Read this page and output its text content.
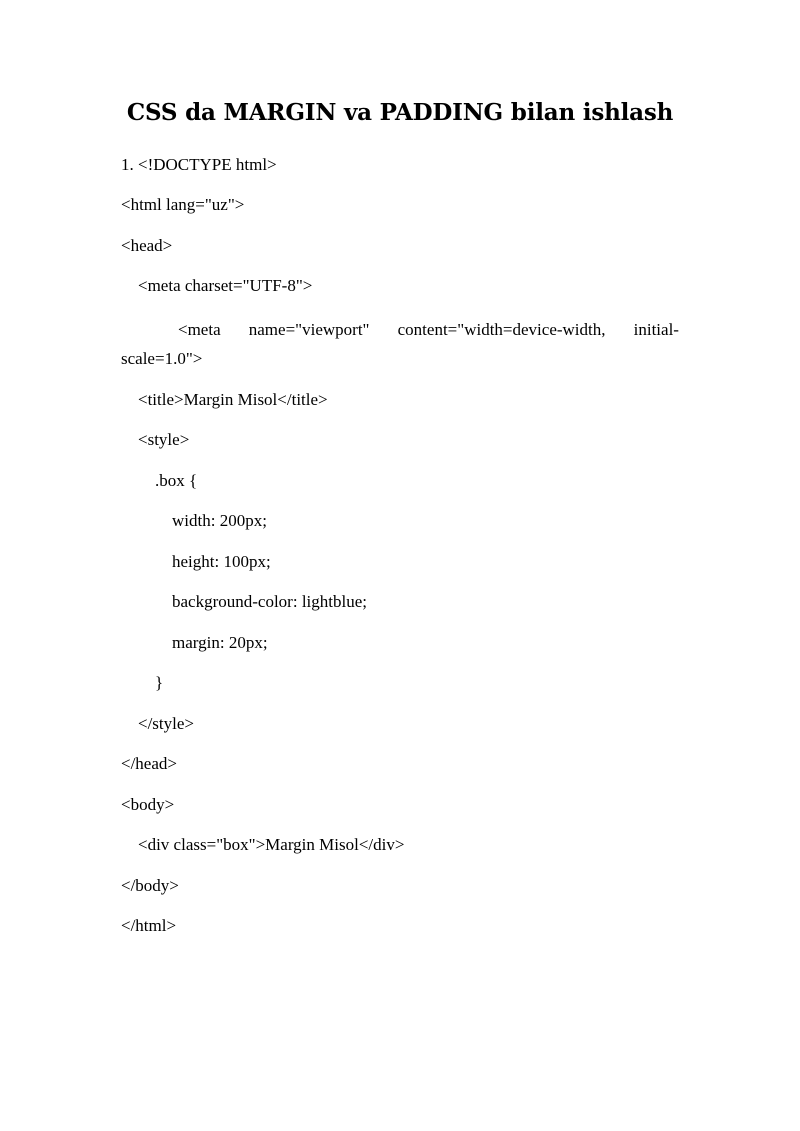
CSS da MARGIN va PADDING bilan ishlash
1. <!DOCTYPE html>
<html lang="uz">
<head>
<meta charset="UTF-8">
<meta name="viewport" content="width=device-width, initial-
scale=1.0">
<title>Margin Misol</title>
<style>
.box {
width: 200px;
height: 100px;
background-color: lightblue;
margin: 20px;
}
</style>
</head>
<body>
<div class="box">Margin Misol</div>
</body>
</html>
